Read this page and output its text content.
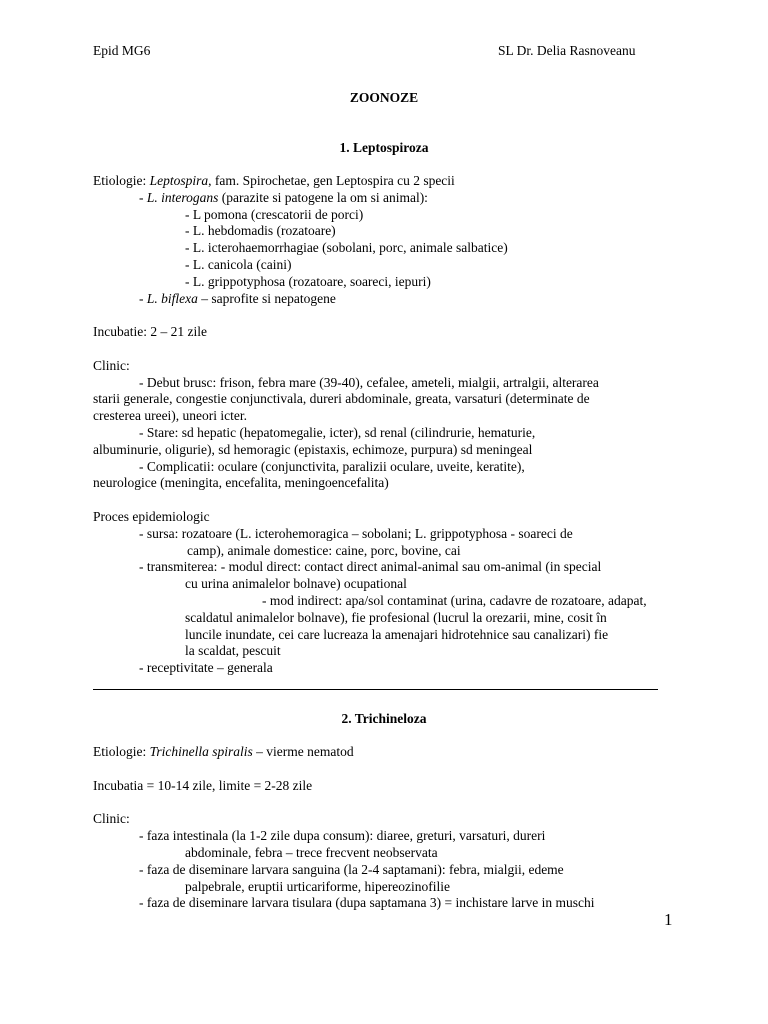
Epid MG6	SL Dr. Delia Rasnoveanu
ZOONOZE
1. Leptospiroza
Etiologie: Leptospira, fam. Spirochetae, gen Leptospira cu 2 specii
- L. interogans (parazite si patogene la om si animal):
- L pomona (crescatorii de porci)
- L. hebdomadis (rozatoare)
- L. icterohaemorrhagiae (sobolani, porc, animale salbatice)
- L. canicola (caini)
- L. grippotyphosa (rozatoare, soareci, iepuri)
- L. biflexa – saprofite si nepatogene
Incubatie: 2 – 21 zile
Clinic:
- Debut brusc: frison, febra mare (39-40), cefalee, ameteli, mialgii, artralgii, alterarea
starii generale, congestie conjunctivala, dureri abdominale, greata, varsaturi (determinate de
cresterea ureei), uneori icter.
- Stare: sd hepatic (hepatomegalie, icter), sd renal (cilindrurie, hematurie,
albuminurie, oligurie), sd hemoragic (epistaxis, echimoze, purpura) sd meningeal
- Complicatii: oculare (conjunctivita, paralizii oculare, uveite, keratite),
neurologice (meningita, encefalita, meningoencefalita)
Proces epidemiologic
- sursa: rozatoare (L. icterohemoragica – sobolani; L. grippotyphosa - soareci de
camp), animale domestice: caine, porc, bovine, cai
- transmiterea: - modul direct: contact direct animal-animal sau om-animal (in special
cu urina animalelor bolnave) ocupational
- mod indirect: apa/sol contaminat (urina, cadavre de rozatoare, adapat,
scaldatul animalelor bolnave), fie profesional (lucrul la orezarii, mine, cosit în
luncile inundate, cei care lucreaza la amenajari hidrotehnice sau canalizari) fie
la scaldat, pescuit
- receptivitate – generala
2. Trichineloza
Etiologie: Trichinella spiralis – vierme nematod
Incubatia = 10-14 zile, limite = 2-28 zile
Clinic:
- faza intestinala (la 1-2 zile dupa consum): diaree, greturi, varsaturi, dureri
abdominale, febra – trece frecvent neobservata
- faza de diseminare larvara sanguina (la 2-4 saptamani): febra, mialgii, edeme
palpebrale, eruptii urticariforme, hipereozinofilie
- faza de diseminare larvara tisulara (dupa saptamana 3) = inchistare larve in muschi
1
